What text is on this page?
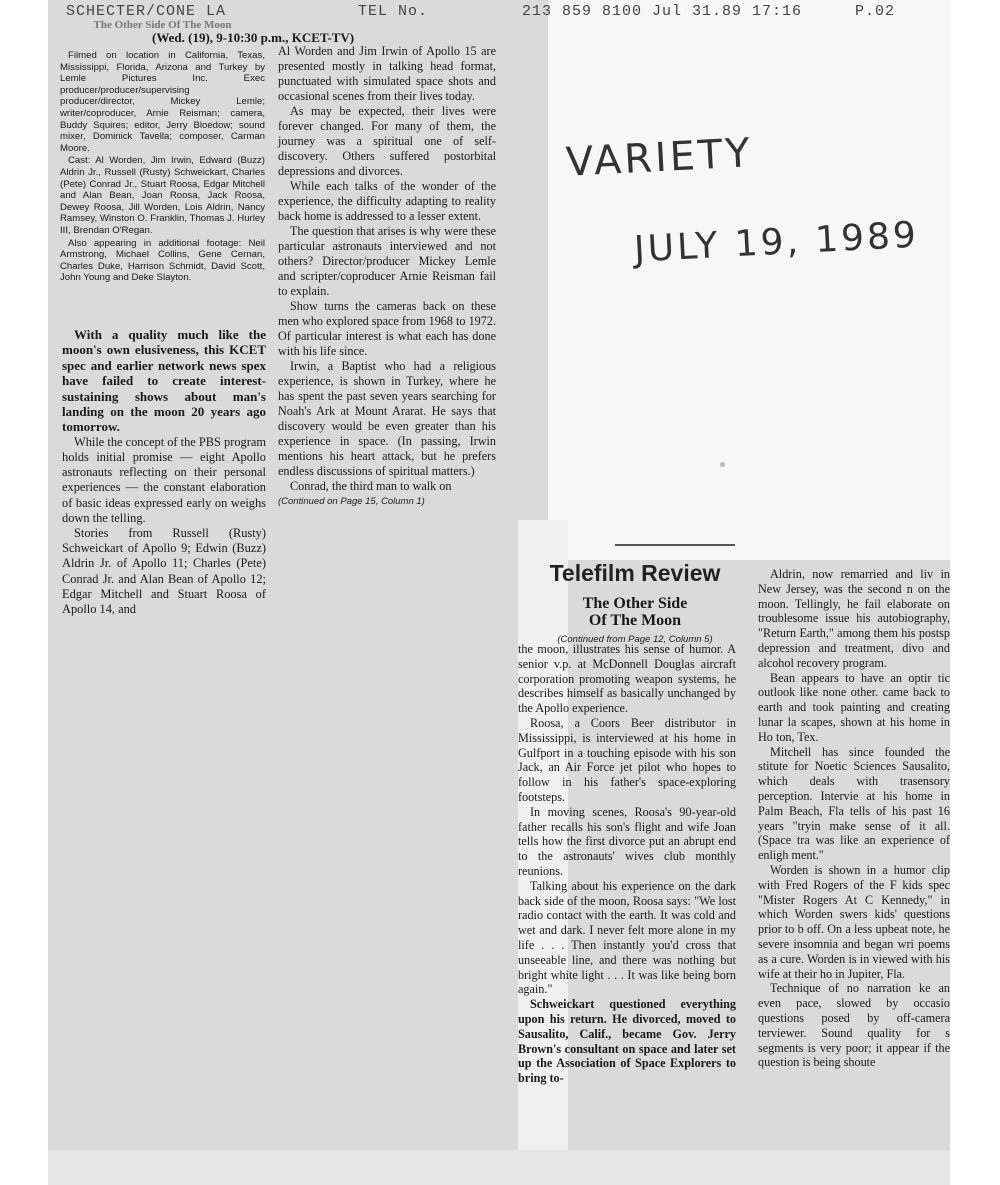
SCHECTER/CONE LA	TEL No.	213 859 8100 Jul 31.89 17:16	P.02
VARIETY
JULY 19, 1989
The Other Side Of The Moon
(Wed. (19), 9-10:30 p.m., KCET-TV)

Filmed on location in California, Texas, Mississippi, Florida, Arizona and Turkey by Lemle Pictures Inc. Exec producer/producer/supervising producer/director, Mickey Lemle; writer/coproducer, Arnie Reisman; camera, Buddy Squires; editor, Jerry Bloedow; sound mixer, Dominick Tavella; composer, Carman Moore.

Cast: Al Worden, Jim Irwin, Edward (Buzz) Aldrin Jr., Russell (Rusty) Schweickart, Charles (Pete) Conrad Jr., Stuart Roosa, Edgar Mitchell and Alan Bean, Joan Roosa, Jack Roosa, Dewey Roosa, Jill Worden, Lois Aldrin, Nancy Ramsey, Winston O. Franklin, Thomas J. Hurley III, Brendan O'Regan.

Also appearing in additional footage: Neil Armstrong, Michael Collins, Gene Cernan, Charles Duke, Harrison Schmidt, David Scott, John Young and Deke Slayton.

With a quality much like the moon's own elusiveness, this KCET spec and earlier network news spex have failed to create interest-sustaining shows about man's landing on the moon 20 years ago tomorrow.

While the concept of the PBS program holds initial promise — eight Apollo astronauts reflecting on their personal experiences — the constant elaboration of basic ideas expressed early on weighs down the telling.

Stories from Russell (Rusty) Schweickart of Apollo 9; Edwin (Buzz) Aldrin Jr. of Apollo 11; Charles (Pete) Conrad Jr. and Alan Bean of Apollo 12; Edgar Mitchell and Stuart Roosa of Apollo 14, and

Al Worden and Jim Irwin of Apollo 15 are presented mostly in talking head format, punctuated with simulated space shots and occasional scenes from their lives today.

As may be expected, their lives were forever changed. For many of them, the journey was a spiritual one of self-discovery. Others suffered postorbital depressions and divorces.

While each talks of the wonder of the experience, the difficulty adapting to reality back home is addressed to a lesser extent.

The question that arises is why were these particular astronauts interviewed and not others? Director/producer Mickey Lemle and scripter/coproducer Arnie Reisman fail to explain.

Show turns the cameras back on these men who explored space from 1968 to 1972. Of particular interest is what each has done with his life since.

Irwin, a Baptist who had a religious experience, is shown in Turkey, where he has spent the past seven years searching for Noah's Ark at Mount Ararat. He says that discovery would be even greater than his experience in space. (In passing, Irwin mentions his heart attack, but he prefers endless discussions of spiritual matters.)

Conrad, the third man to walk on

(Continued on Page 15, Column 1)

Telefilm Review
The Other Side
Of The Moon
(Continued from Page 12, Column 5)

the moon, illustrates his sense of humor. A senior v.p. at McDonnell Douglas aircraft corporation promoting weapon systems, he describes himself as basically unchanged by the Apollo experience.

Roosa, a Coors Beer distributor in Mississippi, is interviewed at his home in Gulfport in a touching episode with his son Jack, an Air Force jet pilot who hopes to follow in his father's space-exploring footsteps.

In moving scenes, Roosa's 90-year-old father recalls his son's flight and wife Joan tells how the first divorce put an abrupt end to the astronauts' wives club monthly reunions.

Talking about his experience on the dark back side of the moon, Roosa says: "We lost radio contact with the earth. It was cold and wet and dark. I never felt more alone in my life . . . Then instantly you'd cross that unseeable line, and there was nothing but bright white light . . . It was like being born again."

Schweickart questioned everything upon his return. He divorced, moved to Sausalito, Calif., became Gov. Jerry Brown's consultant on space and later set up the Association of Space Explorers to bring to-

Aldrin, now remarried and liv in New Jersey, was the second n on the moon. Tellingly, he fail elaborate on troublesome issue his autobiography, "Return Earth," among them his postsp depression and treatment, divo and alcohol recovery program.

Bean appears to have an optir tic outlook like none other. came back to earth and took painting and creating lunar la scapes, shown at his home in Ho ton, Tex.

Mitchell has since founded the stitute for Noetic Sciences Sausalito, which deals with trasensory perception. Intervie at his home in Palm Beach, Fla tells of his past 16 years "tryin make sense of it all. (Space tra was like an experience of enligh ment."

Worden is shown in a humor clip with Fred Rogers of the F kids spec "Mister Rogers At C Kennedy," in which Worden swers kids' questions prior to b off. On a less upbeat note, he severe insomnia and began wri poems as a cure. Worden is in viewed with his wife at their ho in Jupiter, Fla.

Technique of no narration ke an even pace, slowed by occasio questions posed by off-camera terviewer. Sound quality for s segments is very poor; it appear if the question is being shoute
